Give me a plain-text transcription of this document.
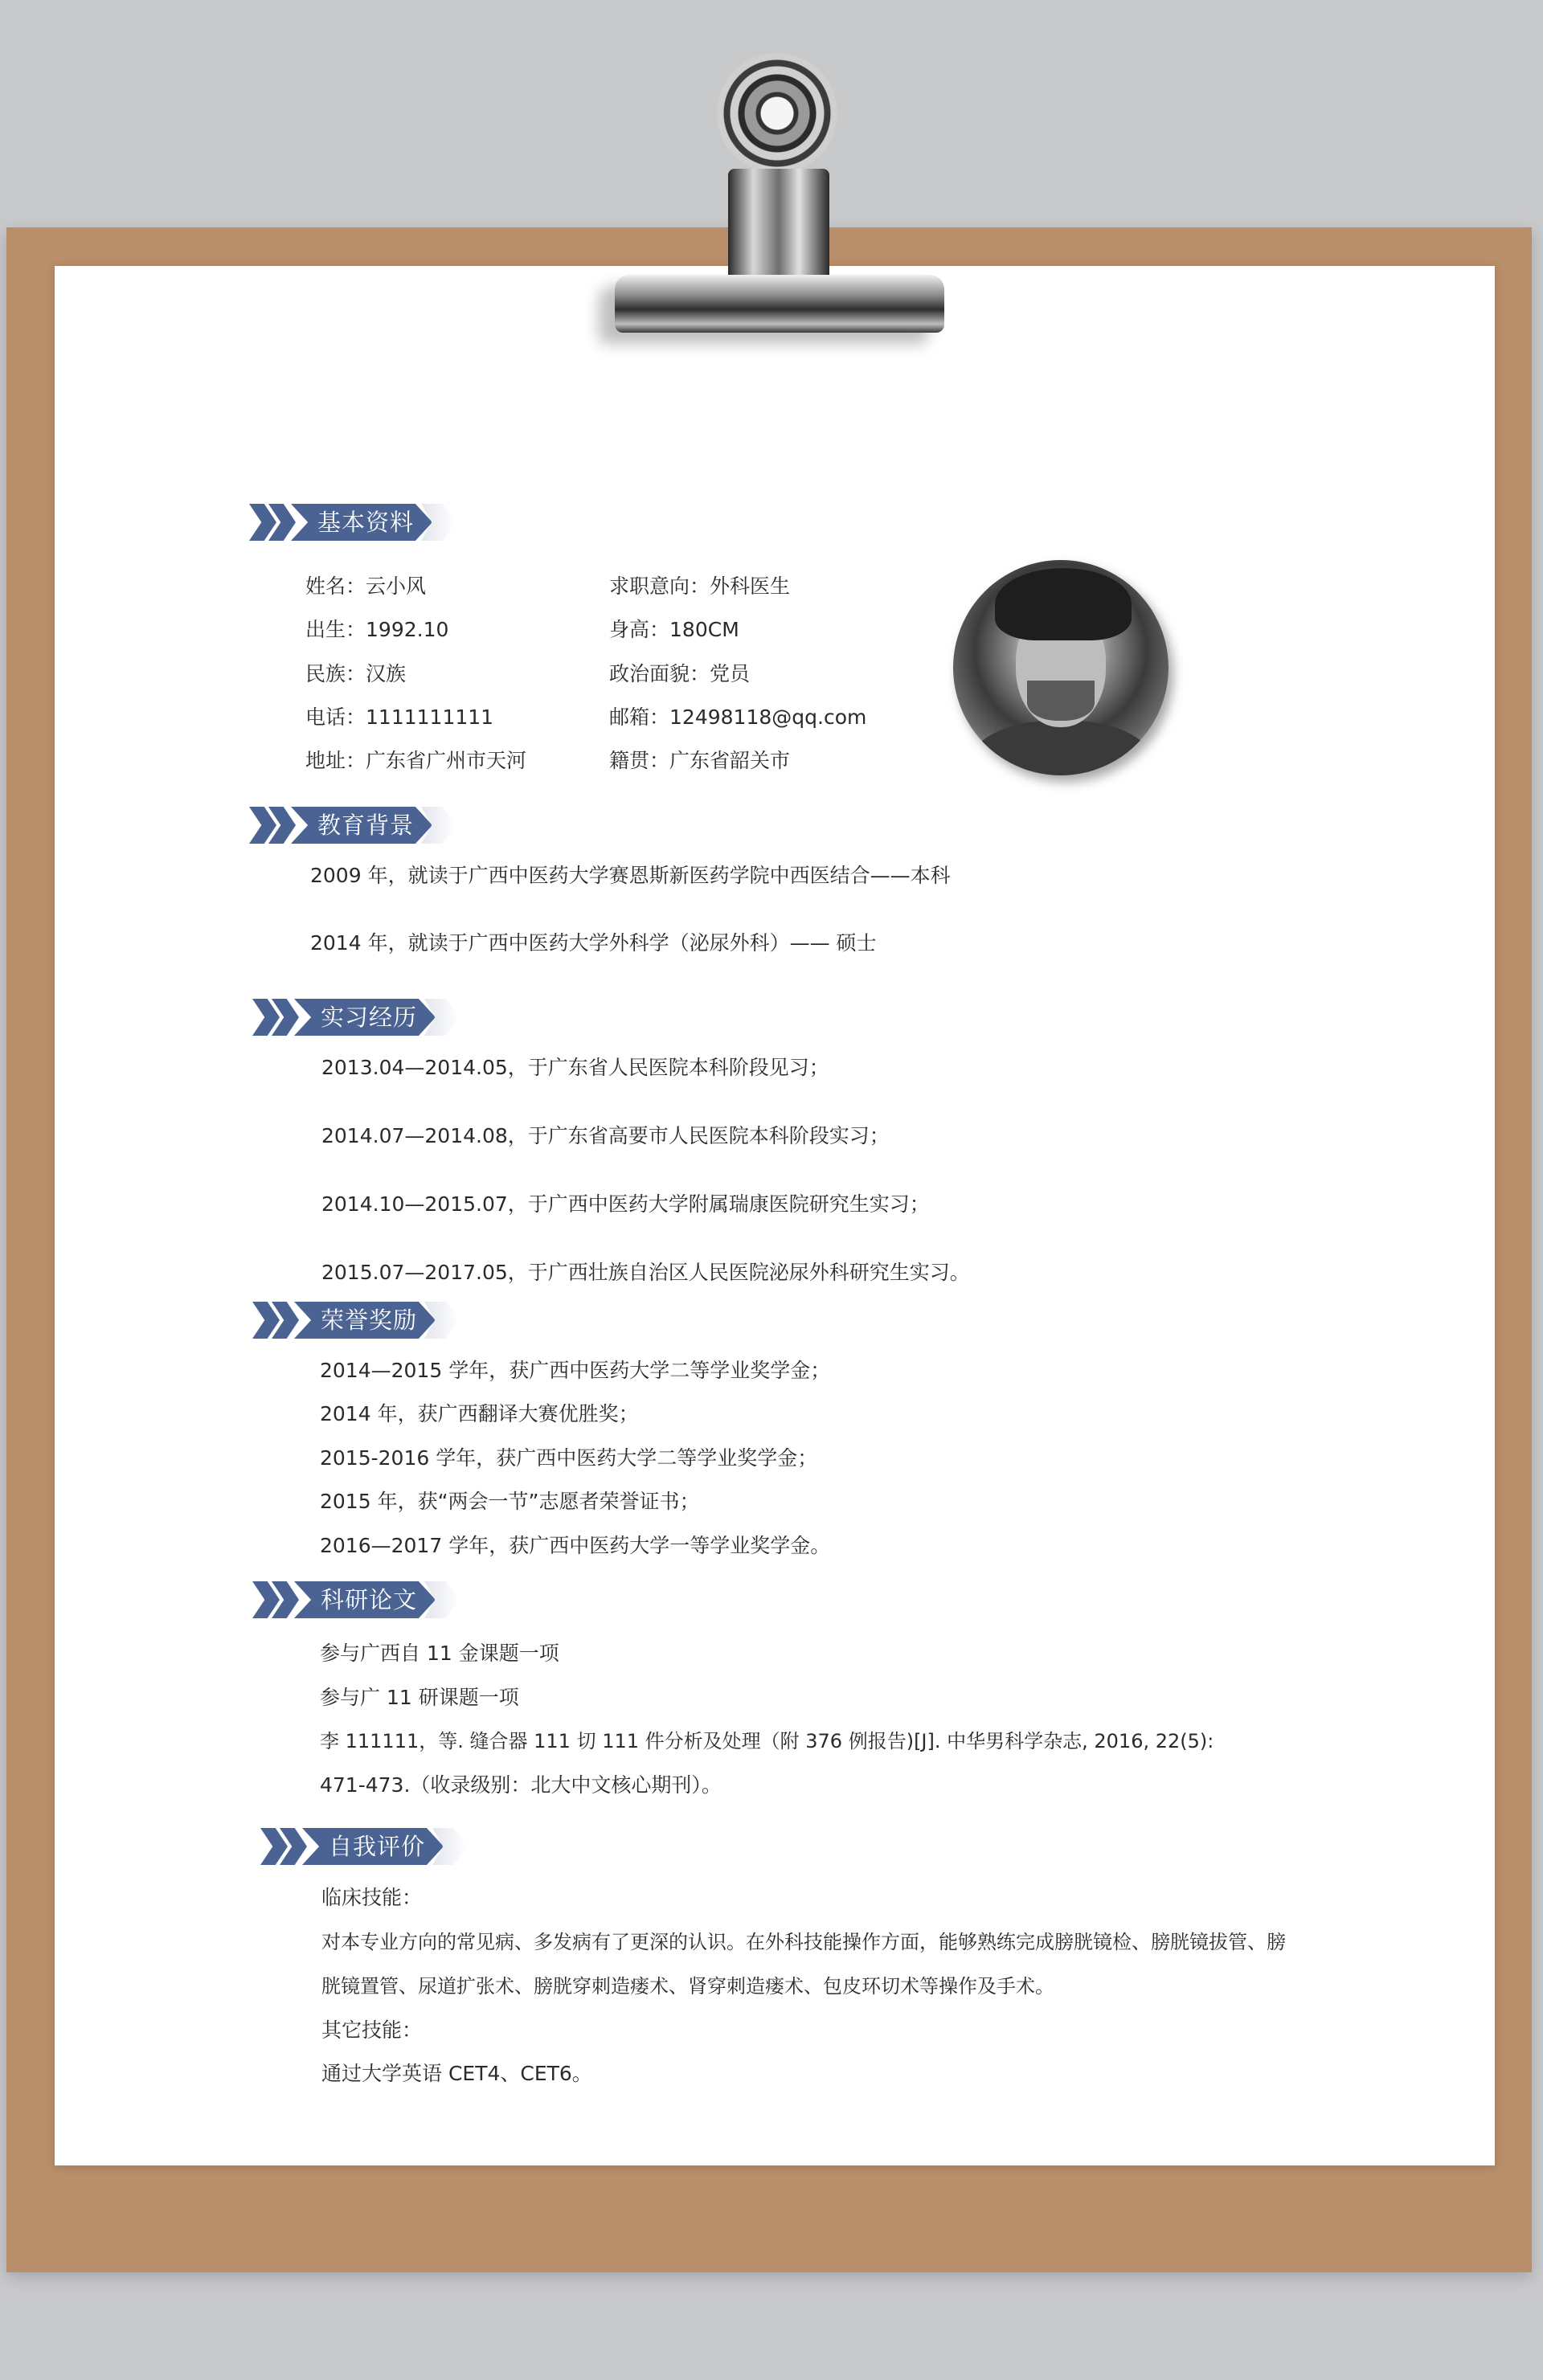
基本资料
姓名：云小风
出生：1992.10
民族：汉族
电话：1111111111
地址：广东省广州市天河
求职意向：外科医生
身高：180CM
政治面貌：党员
邮箱：12498118@qq.com
籍贯：广东省韶关市
教育背景
2009 年，就读于广西中医药大学赛恩斯新医药学院中西医结合——本科
2014 年，就读于广西中医药大学外科学（泌尿外科）—— 硕士
实习经历
2013.04—2014.05，于广东省人民医院本科阶段见习；
2014.07—2014.08，于广东省高要市人民医院本科阶段实习；
2014.10—2015.07，于广西中医药大学附属瑞康医院研究生实习；
2015.07—2017.05，于广西壮族自治区人民医院泌尿外科研究生实习。
荣誉奖励
2014—2015 学年，获广西中医药大学二等学业奖学金；
2014 年，获广西翻译大赛优胜奖；
2015-2016 学年，获广西中医药大学二等学业奖学金；
2015 年，获“两会一节”志愿者荣誉证书；
2016—2017 学年，获广西中医药大学一等学业奖学金。
科研论文
参与广西自 11 金课题一项
参与广 11 研课题一项
李 111111，等. 缝合器 111 切 111 件分析及处理（附 376 例报告)[J]. 中华男科学杂志, 2016, 22(5):
471-473.（收录级别：北大中文核心期刊）。
自我评价
临床技能：
对本专业方向的常见病、多发病有了更深的认识。在外科技能操作方面，能够熟练完成膀胱镜检、膀胱镜拔管、膀
胱镜置管、尿道扩张术、膀胱穿刺造瘘术、肾穿刺造瘘术、包皮环切术等操作及手术。
其它技能：
通过大学英语 CET4、CET6。
